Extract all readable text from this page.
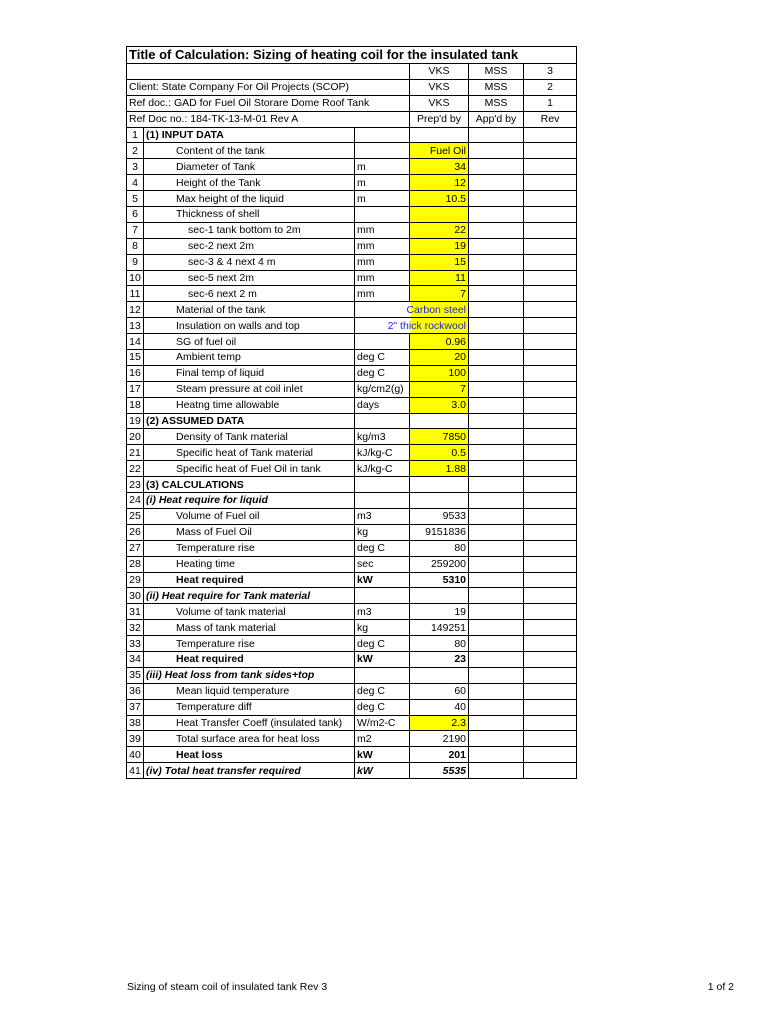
Title of Calculation: Sizing of heating coil for the insulated tank					
			VKS	MSS	3
Client: State Company For Oil Projects (SCOP)			VKS	MSS	2
Ref doc.: GAD for Fuel Oil Storare Dome Roof Tank			VKS	MSS	1
Ref Doc no.: 184-TK-13-M-01 Rev A			Prep'd by	App'd by	Rev
1	(1) INPUT DATA				
2	Content of the tank		Fuel Oil		
3	Diameter of Tank	m	34		
4	Height of the Tank	m	12		
5	Max height of the liquid	m	10.5		
6	Thickness of shell				
7	sec-1 tank bottom to 2m	mm	22		
8	sec-2 next 2m	mm	19		
9	sec-3 & 4 next 4 m	mm	15		
10	sec-5 next 2m	mm	11		
11	sec-6 next 2 m	mm	7		
12	Material of the tank	Carbon steel			
13	Insulation on walls and top	2" thick rockwool			
14	SG of fuel oil		0.96		
15	Ambient temp	deg C	20		
16	Final temp of liquid	deg C	100		
17	Steam pressure at coil inlet	kg/cm2(g)	7		
18	Heatng time allowable	days	3.0		
19	(2) ASSUMED DATA				
20	Density of Tank material	kg/m3	7850		
21	Specific heat of Tank material	kJ/kg-C	0.5		
22	Specific heat of Fuel Oil in tank	kJ/kg-C	1.88		
23	(3) CALCULATIONS				
24	(i) Heat require for liquid				
25	Volume of Fuel oil	m3	9533		
26	Mass of Fuel Oil	kg	9151836		
27	Temperature rise	deg C	80		
28	Heating time	sec	259200		
29	Heat required	kW	5310		
30	(ii) Heat require for Tank material				
31	Volume of tank material	m3	19		
32	Mass of tank material	kg	149251		
33	Temperature rise	deg C	80		
34	Heat required	kW	23		
35	(iii) Heat loss from tank sides+top				
36	Mean liquid temperature	deg C	60		
37	Temperature diff	deg C	40		
38	Heat Transfer Coeff (insulated tank)	W/m2-C	2.3		
39	Total surface area for heat loss	m2	2190		
40	Heat loss	kW	201		
41	(iv) Total heat transfer required	kW	5535		
Sizing of steam coil of insulated tank Rev 3	1 of 2
